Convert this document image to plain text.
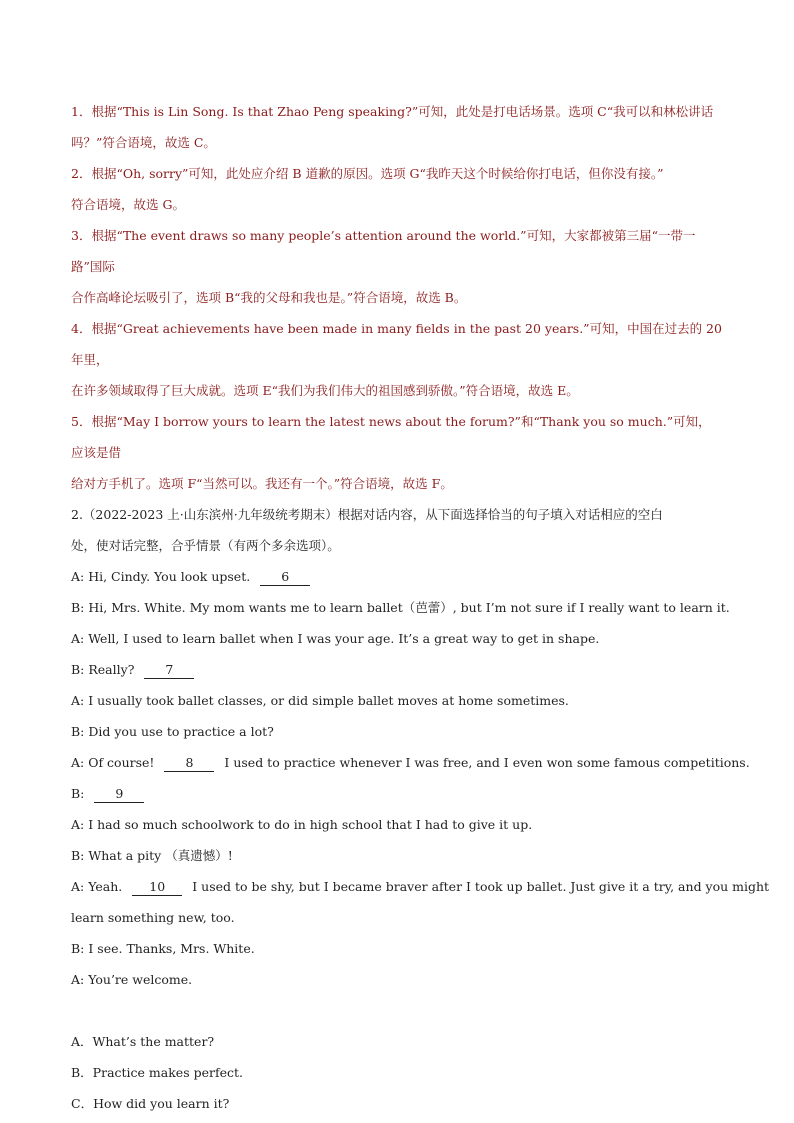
1．根据“This is Lin Song. Is that Zhao Peng speaking?”可知，此处是打电话场景。选项 C“我可以和林松讲话
吗？”符合语境，故选 C。

2．根据“Oh, sorry”可知，此处应介绍 B 道歉的原因。选项 G“我昨天这个时候给你打电话，但你没有接。”
符合语境，故选 G。

3．根据“The event draws so many people’s attention around the world.”可知，大家都被第三届“一带一路”国际
合作高峰论坛吸引了，选项 B“我的父母和我也是。”符合语境，故选 B。

4．根据“Great achievements have been made in many fields in the past 20 years.”可知，中国在过去的 20 年里，
在许多领域取得了巨大成就。选项 E“我们为我们伟大的祖国感到骄傲。”符合语境，故选 E。

5．根据“May I borrow yours to learn the latest news about the forum?”和“Thank you so much.”可知，应该是借
给对方手机了。选项 F“当然可以。我还有一个。”符合语境，故选 F。

2.（2022-2023 上·山东滨州·九年级统考期末）根据对话内容，从下面选择恰当的句子填入对话相应的空白
处，使对话完整，合乎情景（有两个多余选项）。

A: Hi, Cindy. You look upset. 6

B: Hi, Mrs. White. My mom wants me to learn ballet（芭蕾）, but I’m not sure if I really want to learn it.

A: Well, I used to learn ballet when I was your age. It’s a great way to get in shape.

B: Really? 7

A: I usually took ballet classes, or did simple ballet moves at home sometimes.

B: Did you use to practice a lot?

A: Of course! 8 I used to practice whenever I was free, and I even won some famous competitions.

B: 9

A: I had so much schoolwork to do in high school that I had to give it up.

B: What a pity （真遗憾）!

A: Yeah. 10 I used to be shy, but I became braver after I took up ballet. Just give it a try, and you might

learn something new, too.

B: I see. Thanks, Mrs. White.

A: You’re welcome.

A．What’s the matter?

B．Practice makes perfect.

C．How did you learn it?
